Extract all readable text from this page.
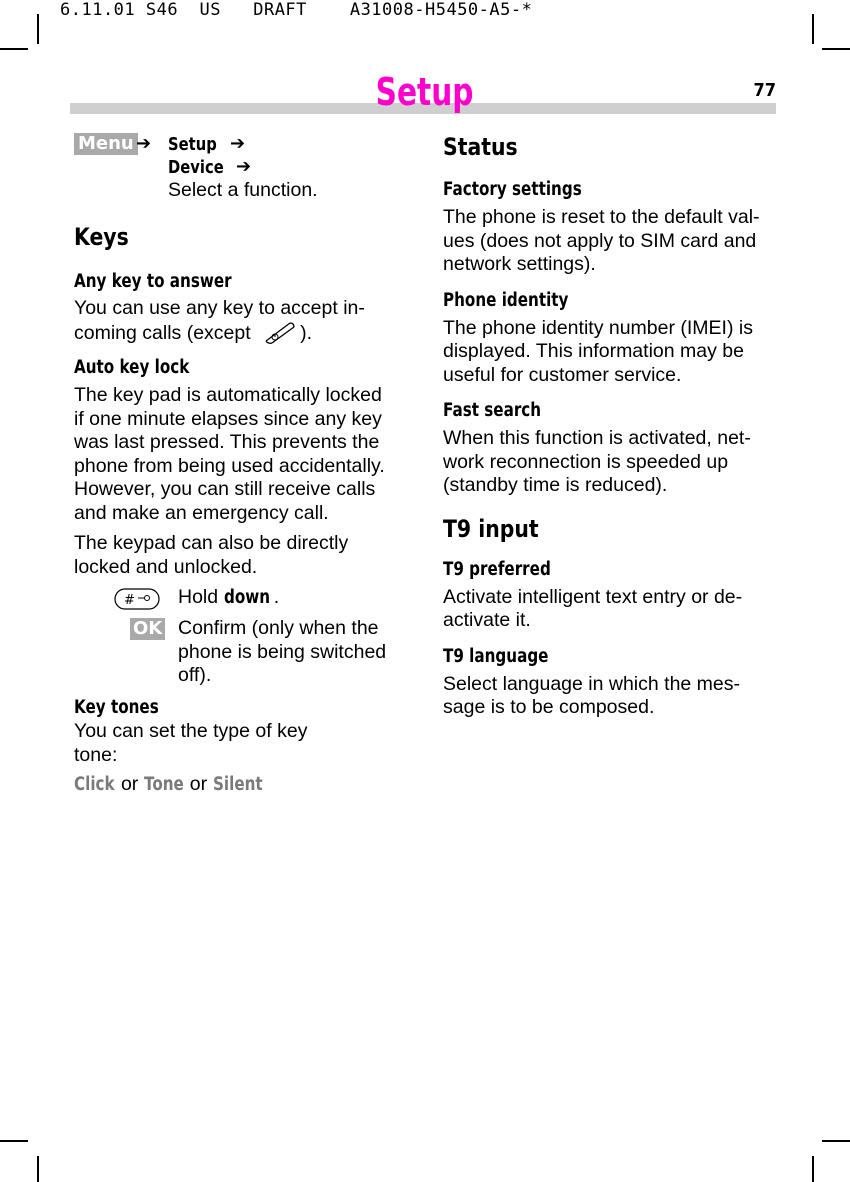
6.11.01 S46  US   DRAFT    A31008-H5450-A5-*
Setup	77
Menu ➔ Setup ➔
Device ➔
Select a function.
Keys
Any key to answer
You can use any key to accept in-
coming calls (except	).
Auto key lock
The key pad is automatically locked
if one minute elapses since any key
was last pressed. This prevents the
phone from being used accidentally.
However, you can still receive calls
and make an emergency call.
The keypad can also be directly
locked and unlocked.
# Hold down .
OK Confirm (only when the
phone is being switched
off).
Key tones
You can set the type of key
tone:
Click or Tone or Silent
Status
Factory settings
The phone is reset to the default val-
ues (does not apply to SIM card and
network settings).
Phone identity
The phone identity number (IMEI) is
displayed. This information may be
useful for customer service.
Fast search
When this function is activated, net-
work reconnection is speeded up
(standby time is reduced).
T9 input
T9 preferred
Activate intelligent text entry or de-
activate it.
T9 language
Select language in which the mes-
sage is to be composed.
